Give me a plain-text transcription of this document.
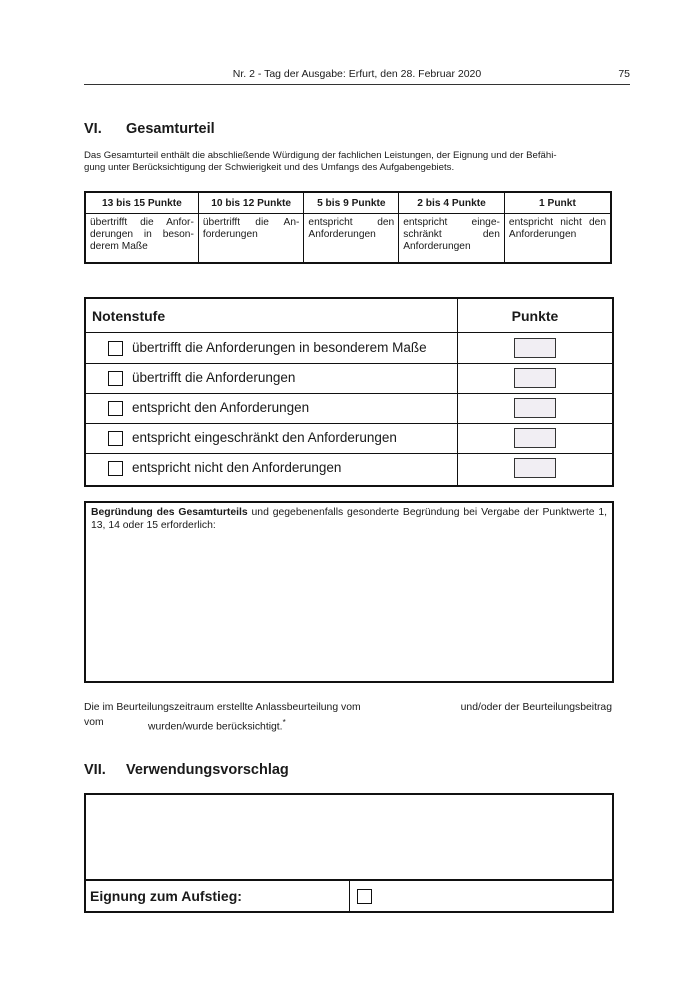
Nr. 2 - Tag der Ausgabe: Erfurt, den 28. Februar 2020	75
VI. Gesamturteil
Das Gesamturteil enthält die abschließende Würdigung der fachlichen Leistungen, der Eignung und der Befähi-
gung unter Berücksichtigung der Schwierigkeit und des Umfangs des Aufgabengebiets.
13 bis 15 Punkte	10 bis 12 Punkte	5 bis 9 Punkte	2 bis 4 Punkte	1 Punkt
übertrifft die Anforderungen in besonderem Maße	übertrifft die Anforderungen	entspricht den Anforderungen	entspricht eingeschränkt den Anforderungen	entspricht nicht den Anforderungen
Notenstufe	Punkte
übertrifft die Anforderungen in besonderem Maße
übertrifft die Anforderungen
entspricht den Anforderungen
entspricht eingeschränkt den Anforderungen
entspricht nicht den Anforderungen
Begründung des Gesamturteils und gegebenenfalls gesonderte Begründung bei Vergabe der Punktwerte 1, 13, 14 oder 15 erforderlich:
Die im Beurteilungszeitraum erstellte Anlassbeurteilung vom	und/oder der Beurteilungsbeitrag
vom	wurden/wurde berücksichtigt.*
VII. Verwendungsvorschlag
Eignung zum Aufstieg:
